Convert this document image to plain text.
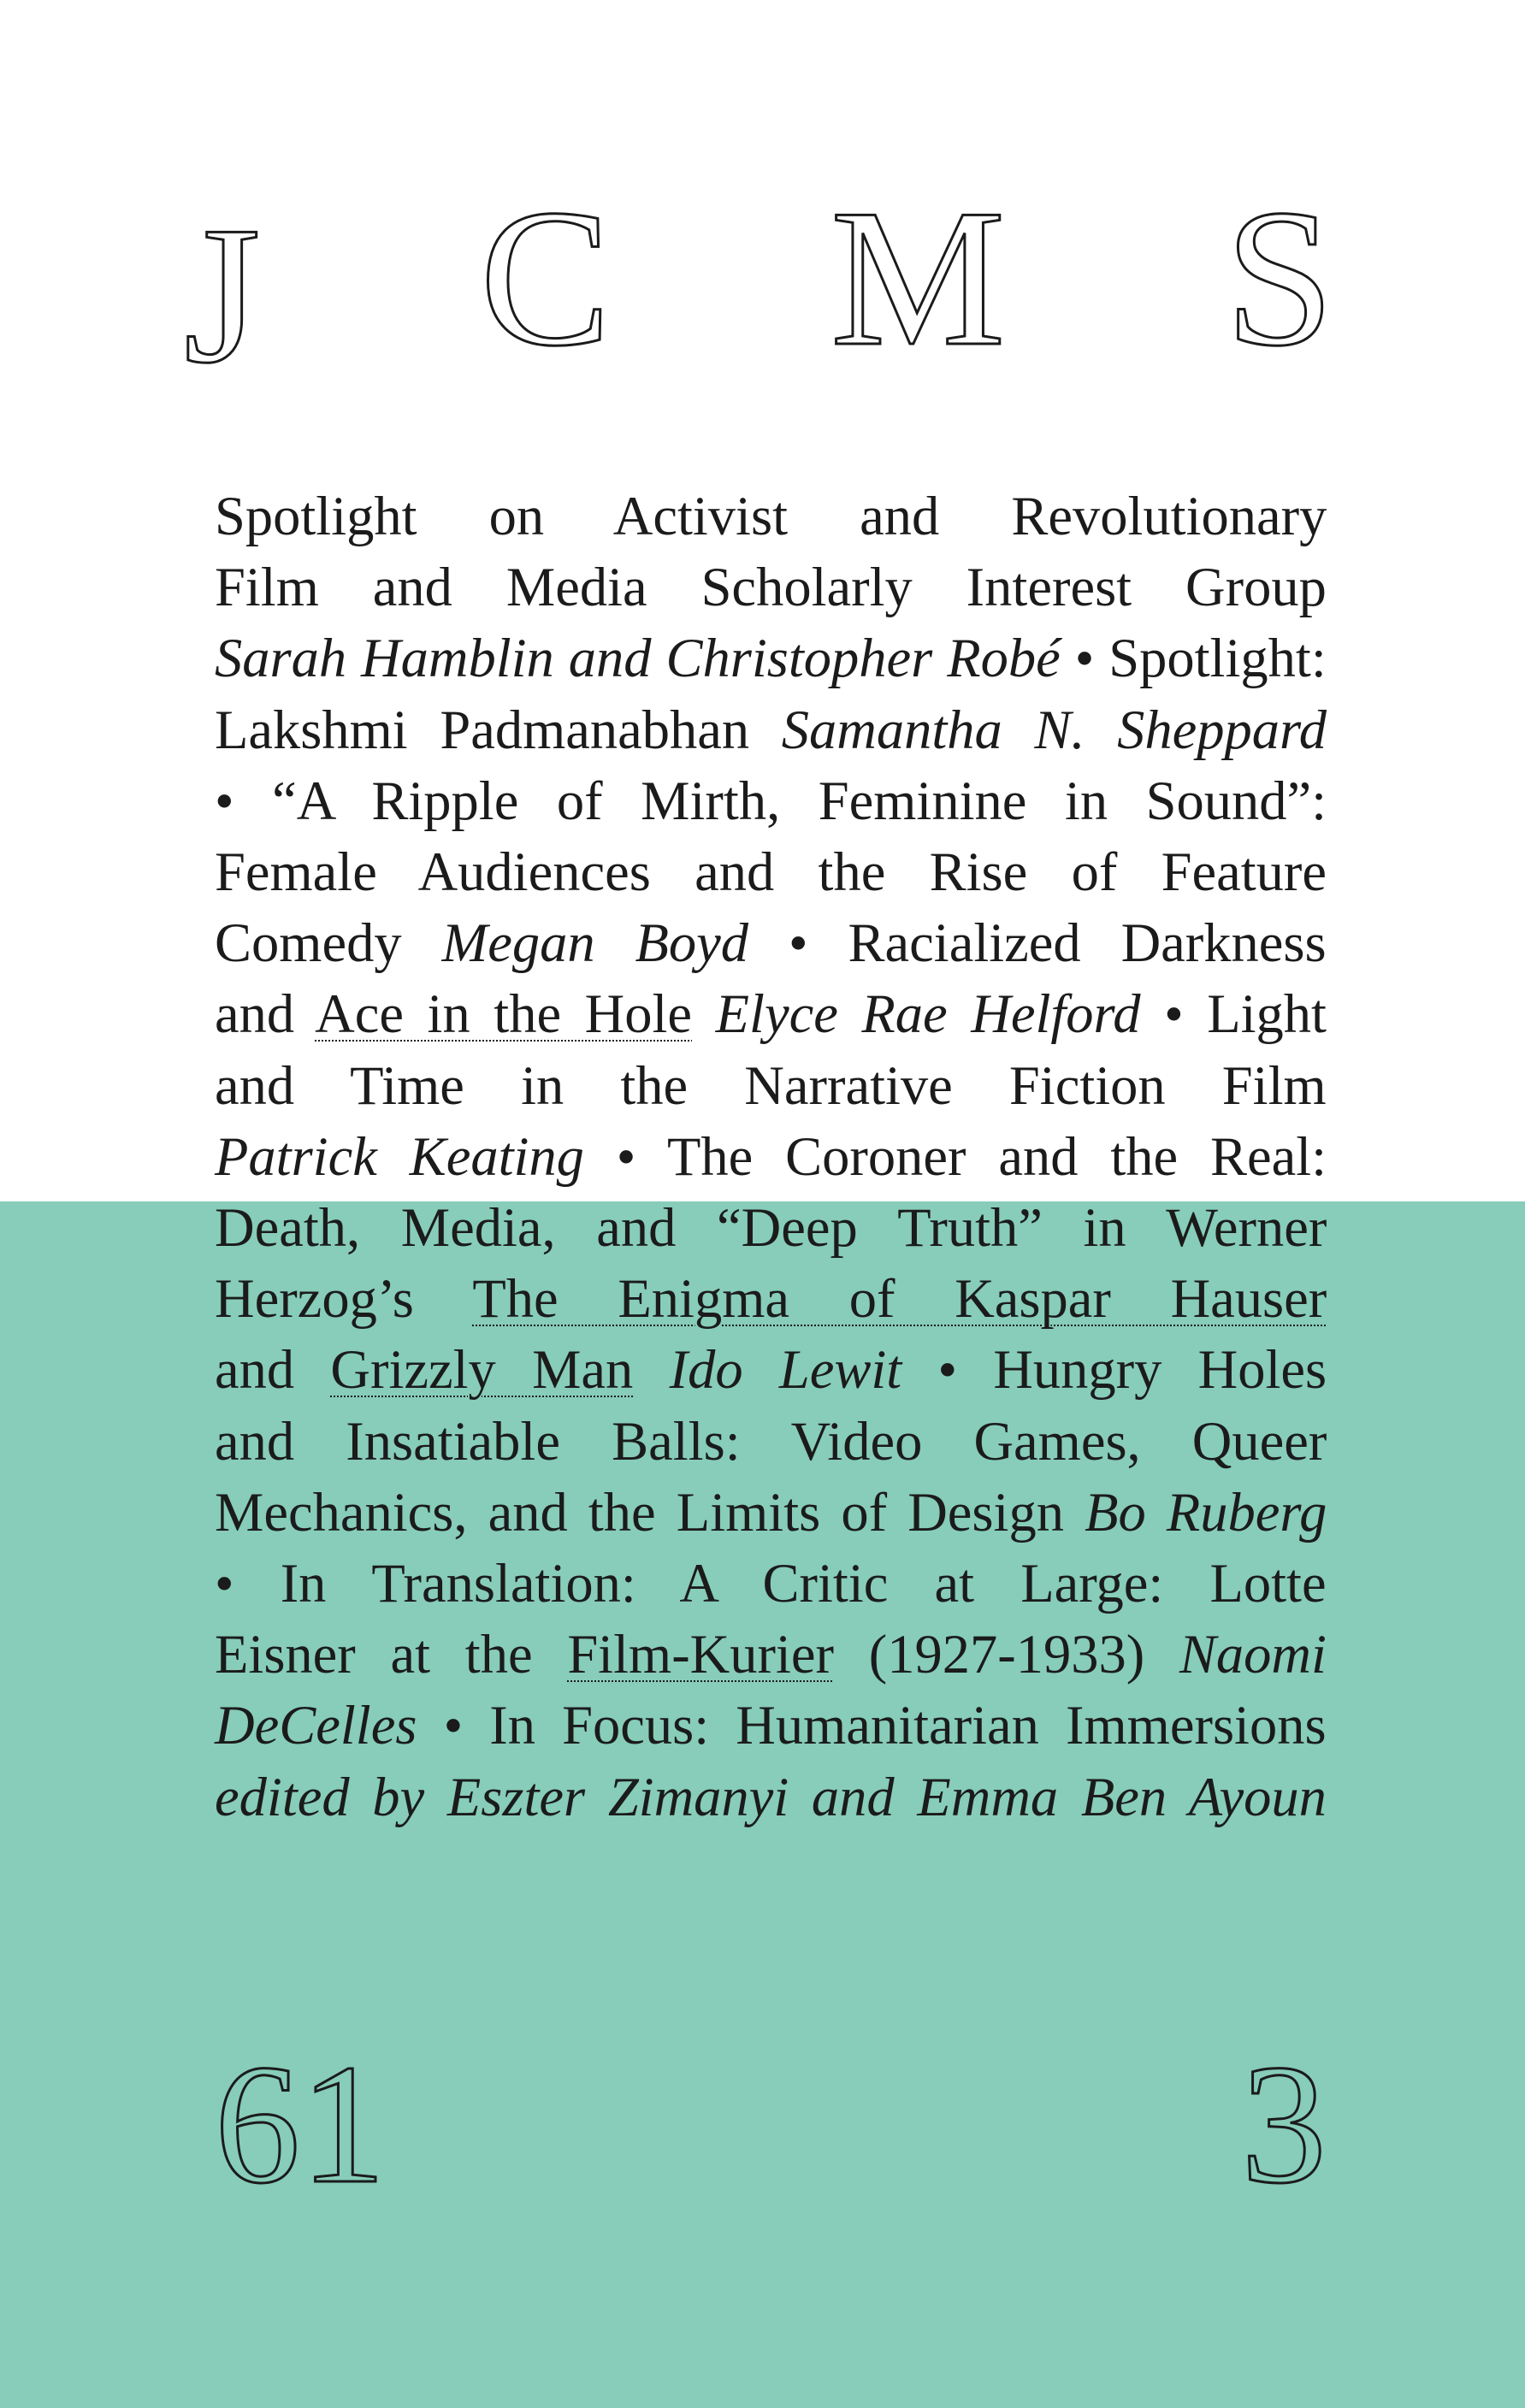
J C M S
Spotlight on Activist and Revolutionary
Film and Media Scholarly Interest Group
Sarah Hamblin and Christopher Robé • Spotlight:
Lakshmi Padmanabhan Samantha N. Sheppard
• “A Ripple of Mirth, Feminine in Sound”:
Female Audiences and the Rise of Feature
Comedy Megan Boyd • Racialized Darkness
and Ace in the Hole Elyce Rae Helford • Light
and Time in the Narrative Fiction Film
Patrick Keating • The Coroner and the Real:
Death, Media, and “Deep Truth” in Werner
Herzog’s The Enigma of Kaspar Hauser
and Grizzly Man Ido Lewit • Hungry Holes
and Insatiable Balls: Video Games, Queer
Mechanics, and the Limits of Design Bo Ruberg
• In Translation: A Critic at Large: Lotte
Eisner at the Film-Kurier (1927-1933) Naomi
DeCelles • In Focus: Humanitarian Immersions
edited by Eszter Zimanyi and Emma Ben Ayoun
61	3
